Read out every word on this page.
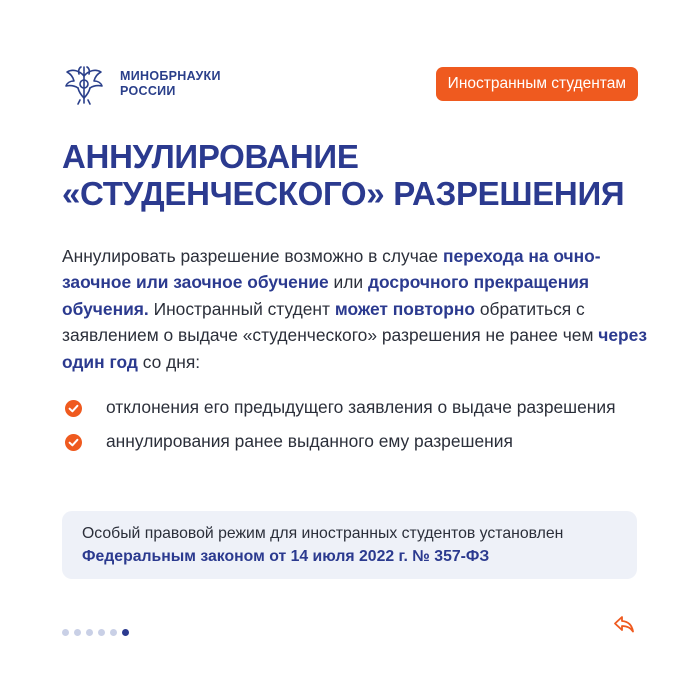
МИНОБРНАУКИ
РОССИИ	Иностранным студентам
АННУЛИРОВАНИЕ
«СТУДЕНЧЕСКОГО» РАЗРЕШЕНИЯ

Аннулировать разрешение возможно в случае перехода на очно-заочное или заочное обучение или досрочного прекращения обучения. Иностранный студент может повторно обратиться с заявлением о выдаче «студенческого» разрешения не ранее чем через один год со дня:

отклонения его предыдущего заявления о выдаче разрешения
аннулирования ранее выданного ему разрешения
Особый правовой режим для иностранных студентов установлен Федеральным законом от 14 июля 2022 г. № 357-ФЗ
